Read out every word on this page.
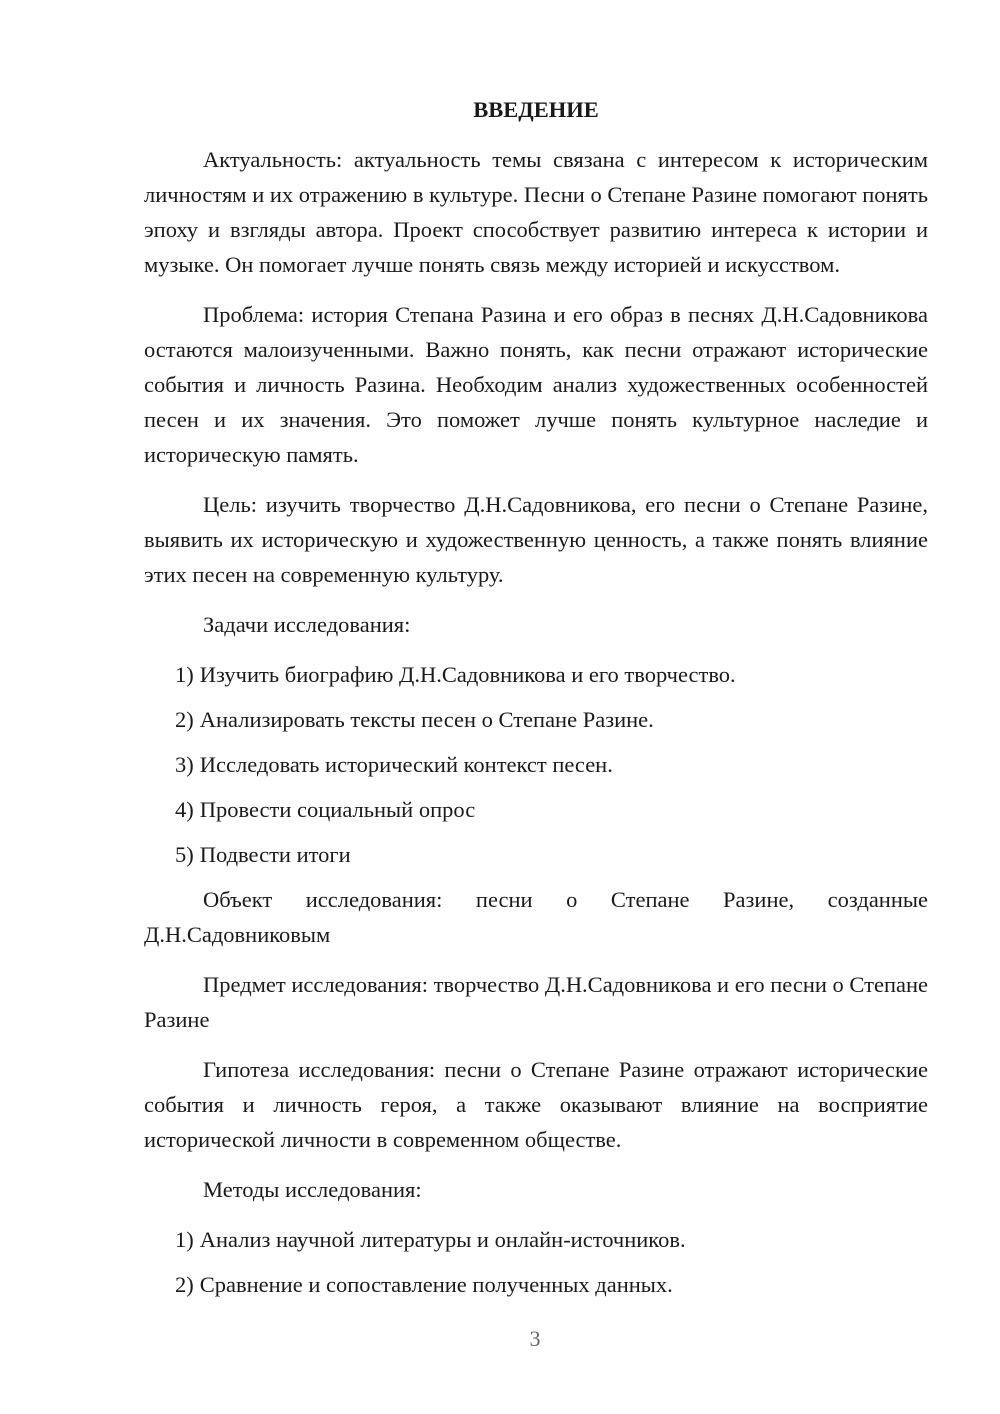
ВВЕДЕНИЕ

Актуальность: актуальность темы связана с интересом к историческим личностям и их отражению в культуре. Песни о Степане Разине помогают понять эпоху и взгляды автора. Проект способствует развитию интереса к истории и музыке. Он помогает лучше понять связь между историей и искусством.

Проблема: история Степана Разина и его образ в песнях Д.Н.Садовникова остаются малоизученными. Важно понять, как песни отражают исторические события и личность Разина. Необходим анализ художественных особенностей песен и их значения. Это поможет лучше понять культурное наследие и историческую память.

Цель: изучить творчество Д.Н.Садовникова, его песни о Степане Разине, выявить их историческую и художественную ценность, а также понять влияние этих песен на современную культуру.

Задачи исследования:

1) Изучить биографию Д.Н.Садовникова и его творчество.
2) Анализировать тексты песен о Степане Разине.
3) Исследовать исторический контекст песен.
4) Провести социальный опрос
5) Подвести итоги

Объект исследования: песни о Степане Разине, созданные Д.Н.Садовниковым

Предмет исследования: творчество Д.Н.Садовникова и его песни о Степане Разине

Гипотеза исследования: песни о Степане Разине отражают исторические события и личность героя, а также оказывают влияние на восприятие исторической личности в современном обществе.

Методы исследования:

1) Анализ научной литературы и онлайн-источников.
2) Сравнение и сопоставление полученных данных.
3
